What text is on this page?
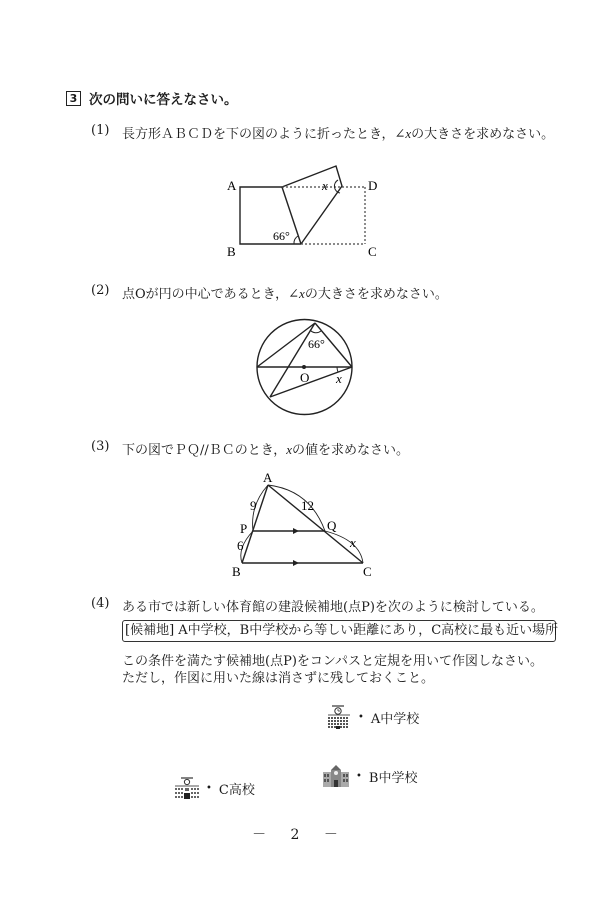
3 次の問いに答えなさい。
(1) 長方形ＡＢＣＤを下の図のように折ったとき，∠xの大きさを求めなさい。
A
B
D
C
x
66°
(2) 点Oが円の中心であるとき，∠xの大きさを求めなさい。
O x
66°
(3) 下の図でＰＱ//ＢＣのとき，xの値を求めなさい。
A
B	C
P	Q
9
6
12
x
(4) ある市では新しい体育館の建設候補地(点P)を次のように検討している。
[候補地] A中学校，B中学校から等しい距離にあり，C高校に最も近い場所
この条件を満たす候補地(点P)をコンパスと定規を用いて作図しなさい。
ただし，作図に用いた線は消さずに残しておくこと。
• A中学校
• B中学校
• C高校
－ 2 －
